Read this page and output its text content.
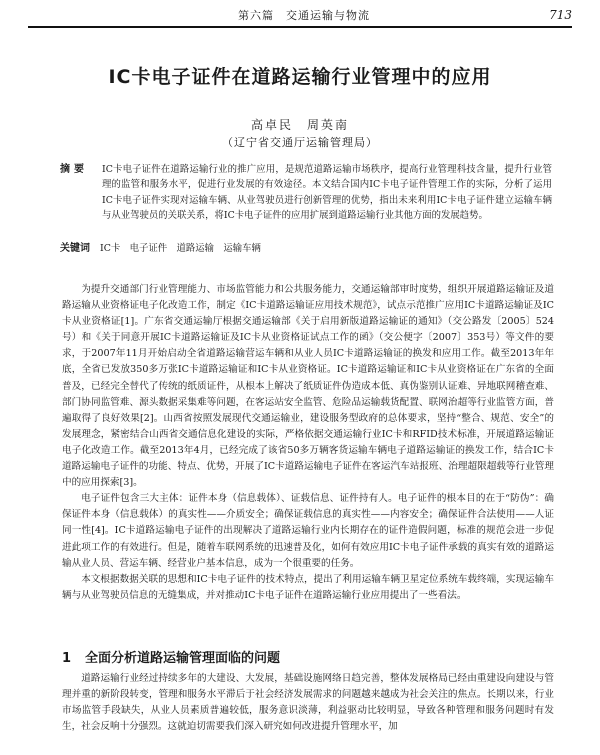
第六篇　交通运输与物流	713
IC卡电子证件在道路运输行业管理中的应用
高卓民　周英南
（辽宁省交通厅运输管理局）
摘要 IC卡电子证件在道路运输行业的推广应用，是规范道路运输市场秩序，提高行业管理科技含量，提升行业管理的监管和服务水平，促进行业发展的有效途径。本文结合国内IC卡电子证件管理工作的实际，分析了运用IC卡电子证件实现对运输车辆、从业驾驶员进行创新管理的优势，指出未来利用IC卡电子证件建立运输车辆与从业驾驶员的关联关系，将IC卡电子证件的应用扩展到道路运输行业其他方面的发展趋势。
关键词 IC卡　电子证件　道路运输　运输车辆

为提升交通部门行业管理能力、市场监管能力和公共服务能力，交通运输部审时度势，组织开展道路运输证及道路运输从业资格证电子化改造工作，制定《IC卡道路运输证应用技术规范》，试点示范推广应用IC卡道路运输证及IC卡从业资格证[1]。广东省交通运输厅根据交通运输部《关于启用新版道路运输证的通知》（交公路发〔2005〕524号）和《关于同意开展IC卡道路运输证及IC卡从业资格证试点工作的函》（交公便字〔2007〕353号）等文件的要求，于2007年11月开始启动全省道路运输营运车辆和从业人员IC卡道路运输证的换发和应用工作。截至2013年年底，全省已发放350多万张IC卡道路运输证和IC卡从业资格证。IC卡道路运输证和IC卡从业资格证在广东省的全面普及，已经完全替代了传统的纸质证件，从根本上解决了纸质证件伪造成本低、真伪鉴别认证难、异地联网稽查难、部门协同监管难、源头数据采集难等问题，在客运站安全监管、危险品运输载货配置、联网治超等行业监管方面，普遍取得了良好效果[2]。山西省按照发展现代交通运输业，建设服务型政府的总体要求，坚持“整合、规范、安全”的发展理念，紧密结合山西省交通信息化建设的实际，严格依据交通运输行业IC卡和RFID技术标准，开展道路运输证电子化改造工作。截至2013年4月，已经完成了该省50多万辆客货运输车辆电子道路运输证的换发工作，结合IC卡道路运输电子证件的功能、特点、优势，开展了IC卡道路运输电子证件在客运汽车站报班、治理超限超载等行业管理中的应用探索[3]。

电子证件包含三大主体：证件本身（信息载体）、证载信息、证件持有人。电子证件的根本目的在于“防伪”：确保证件本身（信息载体）的真实性——介质安全；确保证载信息的真实性——内容安全；确保证件合法使用——人证同一性[4]。IC卡道路运输电子证件的出现解决了道路运输行业内长期存在的证件造假问题，标准的规范会进一步促进此项工作的有效进行。但是，随着车联网系统的迅速普及化，如何有效应用IC卡电子证件承载的真实有效的道路运输从业人员、营运车辆、经营业户基本信息，成为一个很重要的任务。

本文根据数据关联的思想和IC卡电子证件的技术特点，提出了利用运输车辆卫星定位系统车载终端，实现运输车辆与从业驾驶员信息的无缝集成，并对推动IC卡电子证件在道路运输行业应用提出了一些看法。

1 全面分析道路运输管理面临的问题

道路运输行业经过持续多年的大建设、大发展，基础设施网络日趋完善，整体发展格局已经由重建设向建设与管理并重的新阶段转变，管理和服务水平滞后于社会经济发展需求的问题越来越成为社会关注的焦点。长期以来，行业市场监管手段缺失，从业人员素质普遍较低，服务意识淡薄，利益驱动比较明显，导致各种管理和服务问题时有发生，社会反响十分强烈。这就迫切需要我们深入研究如何改进提升管理水平，加
